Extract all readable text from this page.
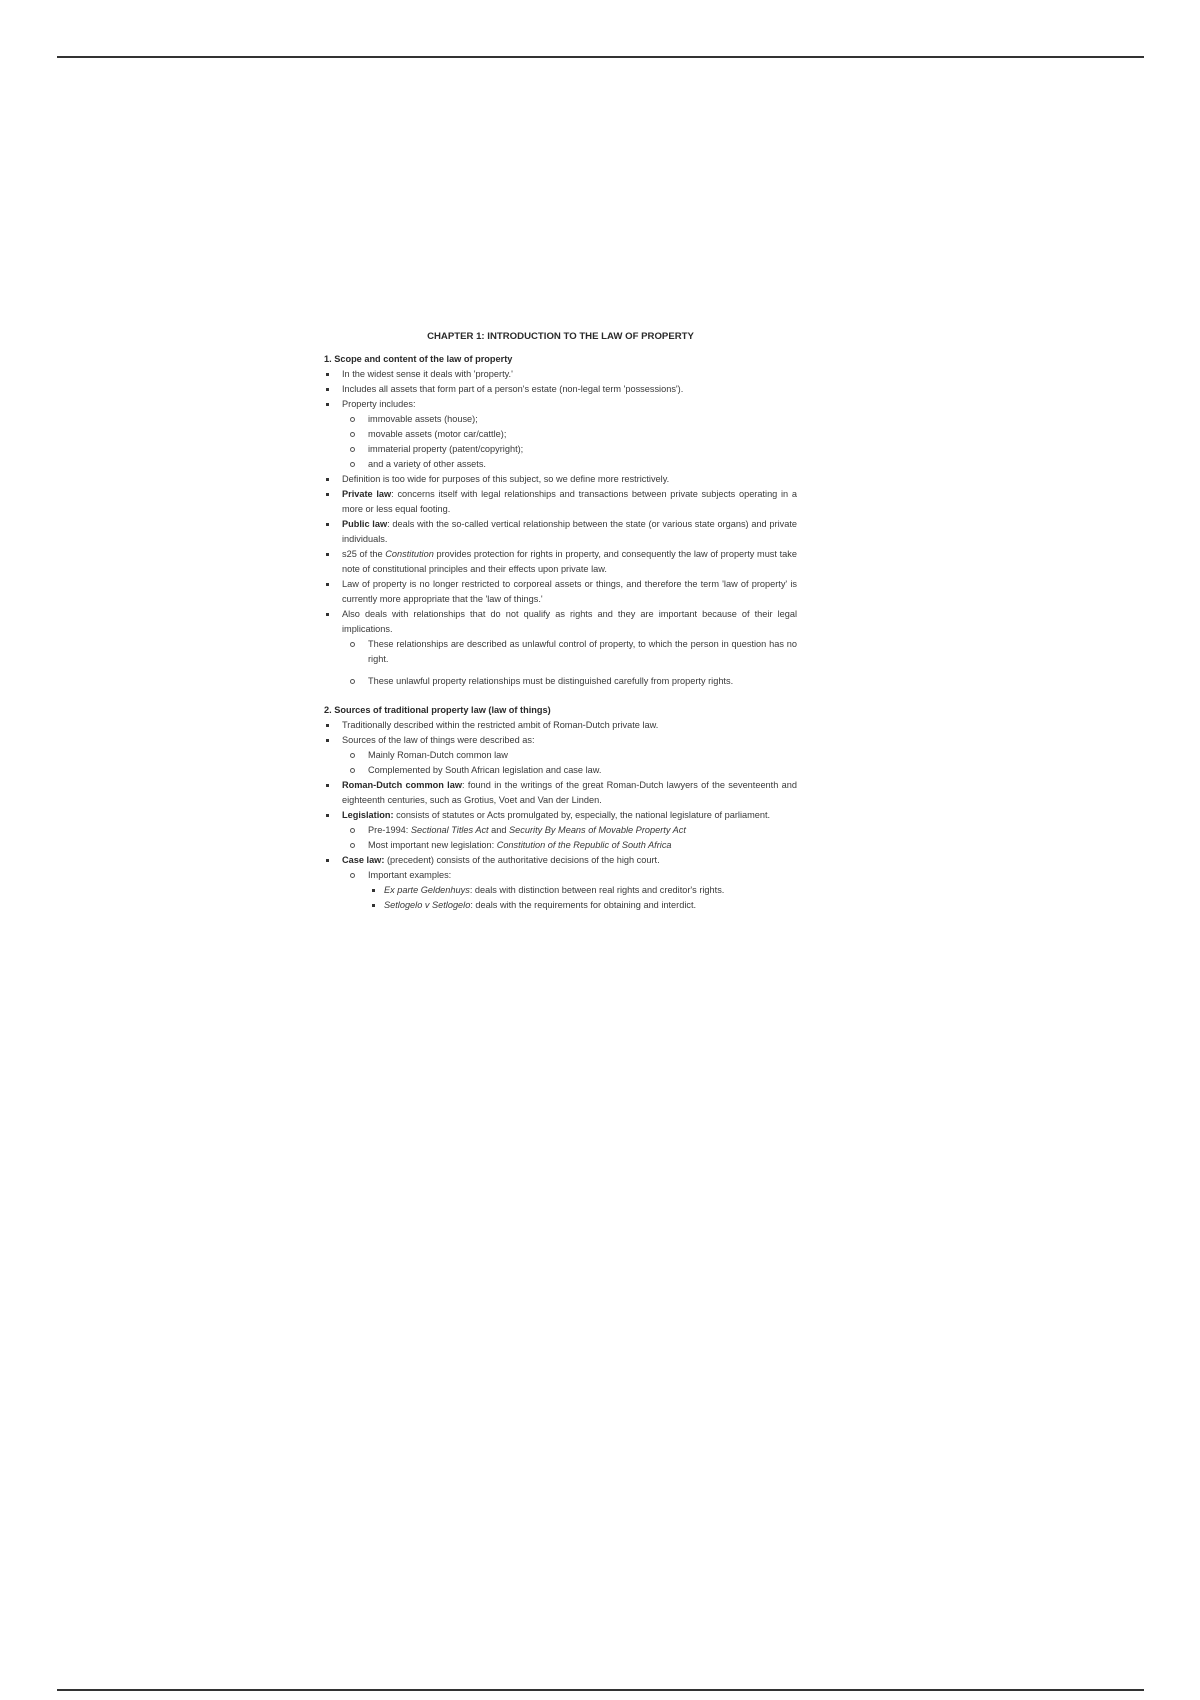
CHAPTER 1: INTRODUCTION TO THE LAW OF PROPERTY
1. Scope and content of the law of property
In the widest sense it deals with 'property.'
Includes all assets that form part of a person's estate (non-legal term 'possessions').
Property includes:
immovable assets (house);
movable assets (motor car/cattle);
immaterial property (patent/copyright);
and a variety of other assets.
Definition is too wide for purposes of this subject, so we define more restrictively.
Private law: concerns itself with legal relationships and transactions between private subjects operating in a more or less equal footing.
Public law: deals with the so-called vertical relationship between the state (or various state organs) and private individuals.
s25 of the Constitution provides protection for rights in property, and consequently the law of property must take note of constitutional principles and their effects upon private law.
Law of property is no longer restricted to corporeal assets or things, and therefore the term 'law of property' is currently more appropriate that the 'law of things.'
Also deals with relationships that do not qualify as rights and they are important because of their legal implications.
These relationships are described as unlawful control of property, to which the person in question has no right.
These unlawful property relationships must be distinguished carefully from property rights.
2. Sources of traditional property law (law of things)
Traditionally described within the restricted ambit of Roman-Dutch private law.
Sources of the law of things were described as:
Mainly Roman-Dutch common law
Complemented by South African legislation and case law.
Roman-Dutch common law: found in the writings of the great Roman-Dutch lawyers of the seventeenth and eighteenth centuries, such as Grotius, Voet and Van der Linden.
Legislation: consists of statutes or Acts promulgated by, especially, the national legislature of parliament.
Pre-1994: Sectional Titles Act and Security By Means of Movable Property Act
Most important new legislation: Constitution of the Republic of South Africa
Case law: (precedent) consists of the authoritative decisions of the high court.
Important examples:
Ex parte Geldenhuys: deals with distinction between real rights and creditor's rights.
Setlogelo v Setlogelo: deals with the requirements for obtaining and interdict.
